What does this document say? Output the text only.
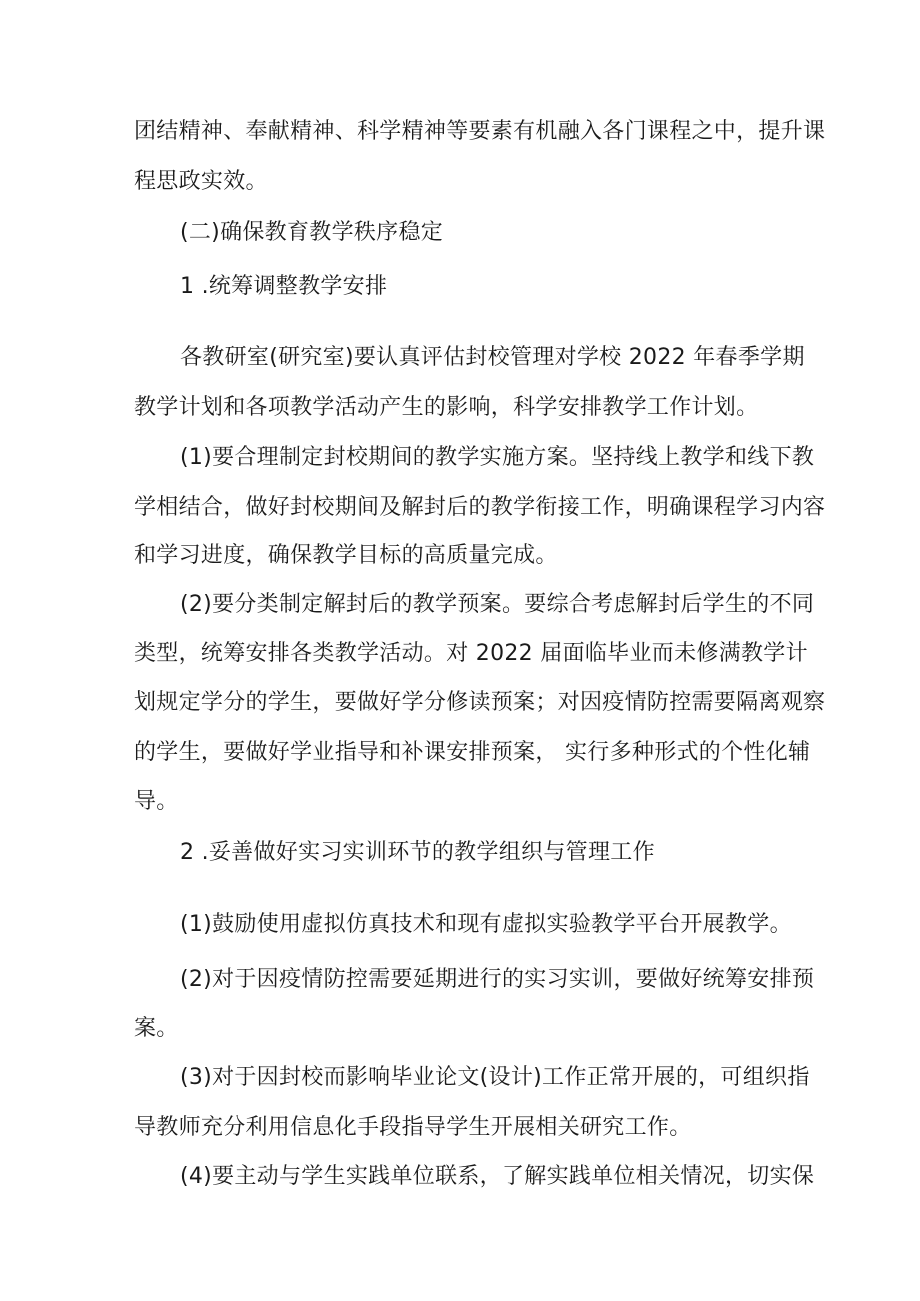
团结精神、奉献精神、科学精神等要素有机融入各门课程之中，提升课
程思政实效。
(二)确保教育教学秩序稳定
1 .统筹调整教学安排
各教研室(研究室)要认真评估封校管理对学校 2022 年春季学期
教学计划和各项教学活动产生的影响，科学安排教学工作计划。
(1)要合理制定封校期间的教学实施方案。坚持线上教学和线下教
学相结合，做好封校期间及解封后的教学衔接工作，明确课程学习内容
和学习进度，确保教学目标的高质量完成。
(2)要分类制定解封后的教学预案。要综合考虑解封后学生的不同
类型，统筹安排各类教学活动。对 2022 届面临毕业而未修满教学计
划规定学分的学生，要做好学分修读预案；对因疫情防控需要隔离观察
的学生，要做好学业指导和补课安排预案， 实行多种形式的个性化辅
导。
2 .妥善做好实习实训环节的教学组织与管理工作
(1)鼓励使用虚拟仿真技术和现有虚拟实验教学平台开展教学。
(2)对于因疫情防控需要延期进行的实习实训，要做好统筹安排预
案。
(3)对于因封校而影响毕业论文(设计)工作正常开展的，可组织指
导教师充分利用信息化手段指导学生开展相关研究工作。
(4)要主动与学生实践单位联系，了解实践单位相关情况，切实保
